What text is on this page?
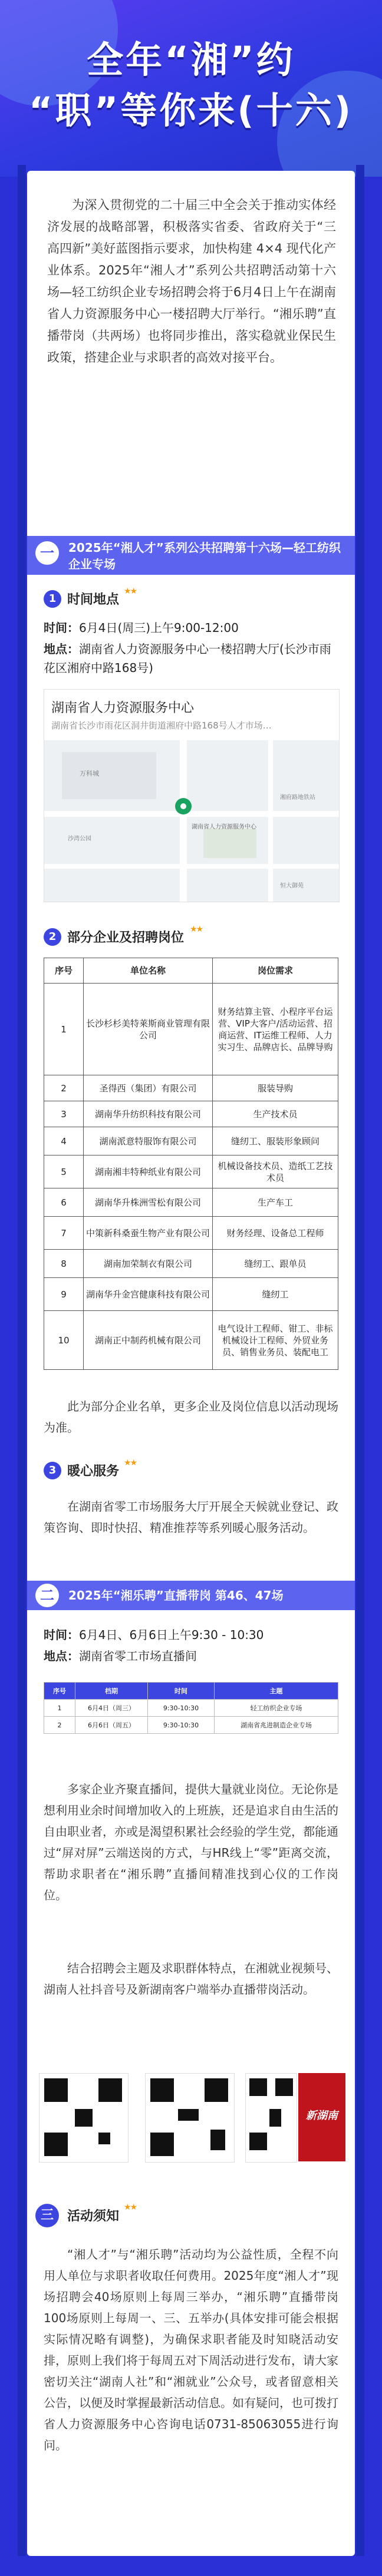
全年“湘”约
“职”等你来(十六)
为深入贯彻党的二十届三中全会关于推动实体经济发展的战略部署，积极落实省委、省政府关于“三高四新”美好蓝图指示要求，加快构建 4×4 现代化产业体系。2025年“湘人才”系列公共招聘活动第十六场—轻工纺织企业专场招聘会将于6月4日上午在湖南省人力资源服务中心一楼招聘大厅举行。“湘乐聘”直播带岗（共两场）也将同步推出，落实稳就业保民生政策，搭建企业与求职者的高效对接平台。
一	2025年“湘人才”系列公共招聘第十六场—轻工纺织企业专场
1 时间地点
★★
时间：6月4日(周三)上午9:00-12:00
地点：湖南省人力资源服务中心一楼招聘大厅(长沙市雨花区湘府中路168号)
湖南省人力资源服务中心
湖南省长沙市雨花区洞井街道湘府中路168号人才市场…
湖南省人力资源服务中心
万科城
湘府路地铁站
沙湾公园
恒大御苑
2 部分企业及招聘岗位
★★
序号	单位名称	岗位需求
1	长沙杉杉美特莱斯商业管理有限公司	财务结算主管、小程序平台运营、VIP大客户/活动运营、招商运营、IT运维工程师、人力实习生、品牌店长、品牌导购
2	圣得西（集团）有限公司	服装导购
3	湖南华升纺织科技有限公司	生产技术员
4	湖南派意特服饰有限公司	缝纫工、服装形象顾问
5	湖南湘丰特种纸业有限公司	机械设备技术员、造纸工艺技术员
6	湖南华升株洲雪松有限公司	生产车工
7	中策新科桑蚕生物产业有限公司	财务经理、设备总工程师
8	湖南加荣制衣有限公司	缝纫工、跟单员
9	湖南华升金宫健康科技有限公司	缝纫工
10	湖南正中制药机械有限公司	电气设计工程师、钳工、非标机械设计工程师、外贸业务员、销售业务员、装配电工
此为部分企业名单，更多企业及岗位信息以活动现场为准。
3 暖心服务
★★
在湖南省零工市场服务大厅开展全天候就业登记、政策咨询、即时快招、精准推荐等系列暖心服务活动。
二	2025年“湘乐聘”直播带岗 第46、47场
时间：6月4日、6月6日上午9:30 - 10:30
地点：湖南省零工市场直播间
序号	档期	时间	主题
1	6月4日（周三）	9:30-10:30	轻工纺织企业专场
2	6月6日（周五）	9:30-10:30	湖南省兆进制造企业专场
多家企业齐聚直播间，提供大量就业岗位。无论你是想利用业余时间增加收入的上班族，还是追求自由生活的自由职业者，亦或是渴望积累社会经验的学生党，都能通过“屏对屏”云端送岗的方式，与HR线上“零”距离交流，帮助求职者在“湘乐聘”直播间精准找到心仪的工作岗位。
结合招聘会主题及求职群体特点，在湘就业视频号、湖南人社抖音号及新湖南客户端举办直播带岗活动。
新湖南
三	活动须知
★★
“湘人才”与“湘乐聘”活动均为公益性质，全程不向用人单位与求职者收取任何费用。2025年度“湘人才”现场招聘会40场原则上每周三举办，“湘乐聘”直播带岗100场原则上每周一、三、五举办(具体安排可能会根据实际情况略有调整)，为确保求职者能及时知晓活动安排，原则上我们将于每周五对下周活动进行发布，请大家密切关注“湖南人社”和“湘就业”公众号，或者留意相关公告，以便及时掌握最新活动信息。如有疑问，也可拨打省人力资源服务中心咨询电话0731-85063055进行询问。
